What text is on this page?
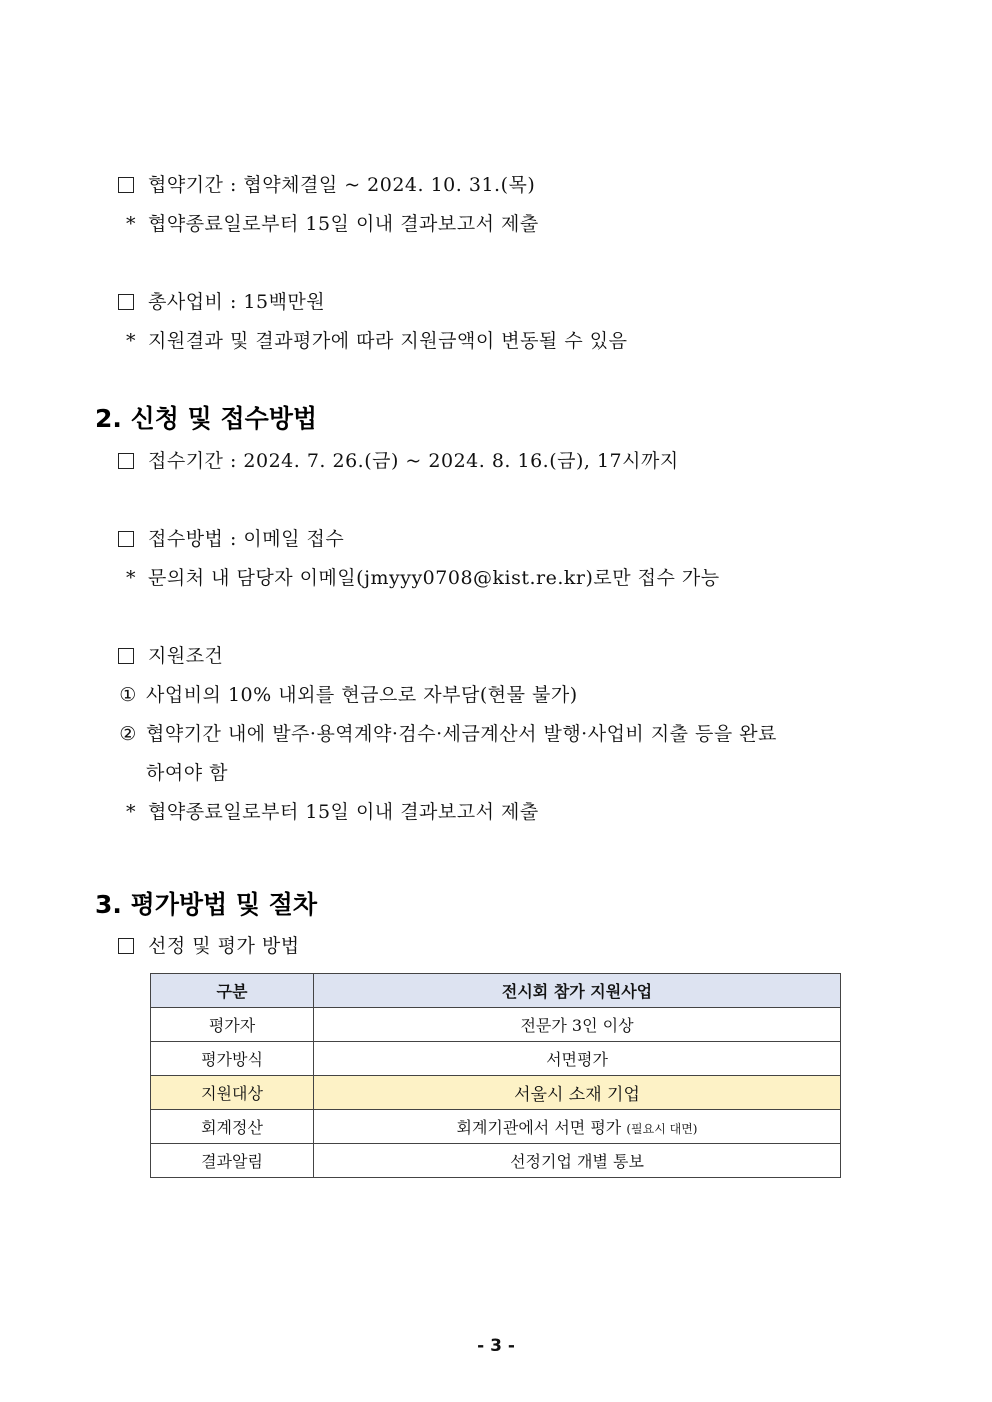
협약기간 : 협약체결일 ~ 2024. 10. 31.(목)
* 협약종료일로부터 15일 이내 결과보고서 제출
총사업비 : 15백만원
* 지원결과 및 결과평가에 따라 지원금액이 변동될 수 있음
2. 신청 및 접수방법
접수기간 : 2024. 7. 26.(금) ~ 2024. 8. 16.(금), 17시까지
접수방법 : 이메일 접수
* 문의처 내 담당자 이메일(jmyyy0708@kist.re.kr)로만 접수 가능
지원조건
① 사업비의 10% 내외를 현금으로 자부담(현물 불가)
② 협약기간 내에 발주·용역계약·검수·세금계산서 발행·사업비 지출 등을 완료
하여야 함
* 협약종료일로부터 15일 이내 결과보고서 제출
3. 평가방법 및 절차
선정 및 평가 방법
구분	전시회 참가 지원사업
평가자	전문가 3인 이상
평가방식	서면평가
지원대상	서울시 소재 기업
회계정산	회계기관에서 서면 평가 (필요시 대면)
결과알림	선정기업 개별 통보
- 3 -
